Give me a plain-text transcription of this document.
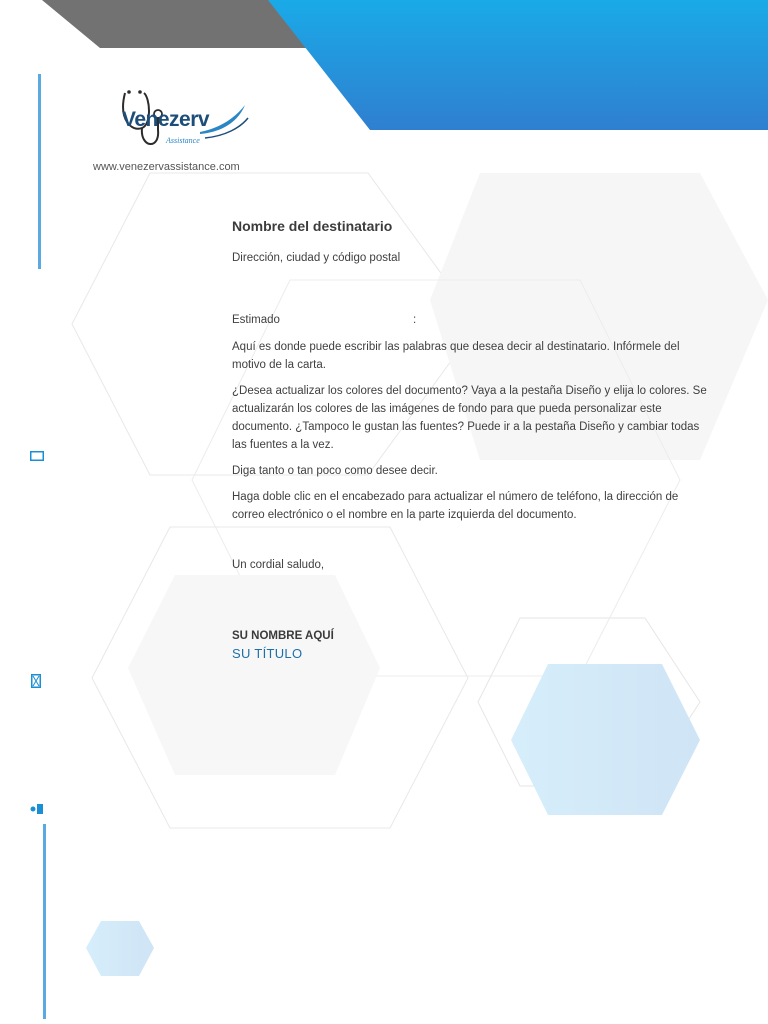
Venezerv
Assistance
www.venezervassistance.com
Nombre del destinatario
Dirección, ciudad y código postal
Estimado	:

Aquí es donde puede escribir las palabras que desea decir al destinatario. Infórmele del motivo de la carta.

¿Desea actualizar los colores del documento? Vaya a la pestaña Diseño y elija lo colores. Se actualizarán los colores de las imágenes de fondo para que pueda personalizar este documento. ¿Tampoco le gustan las fuentes? Puede ir a la pestaña Diseño y cambiar todas las fuentes a la vez.

Diga tanto o tan poco como desee decir.

Haga doble clic en el encabezado para actualizar el número de teléfono, la dirección de correo electrónico o el nombre en la parte izquierda del documento.

Un cordial saludo,
SU NOMBRE AQUÍ
SU TÍTULO
